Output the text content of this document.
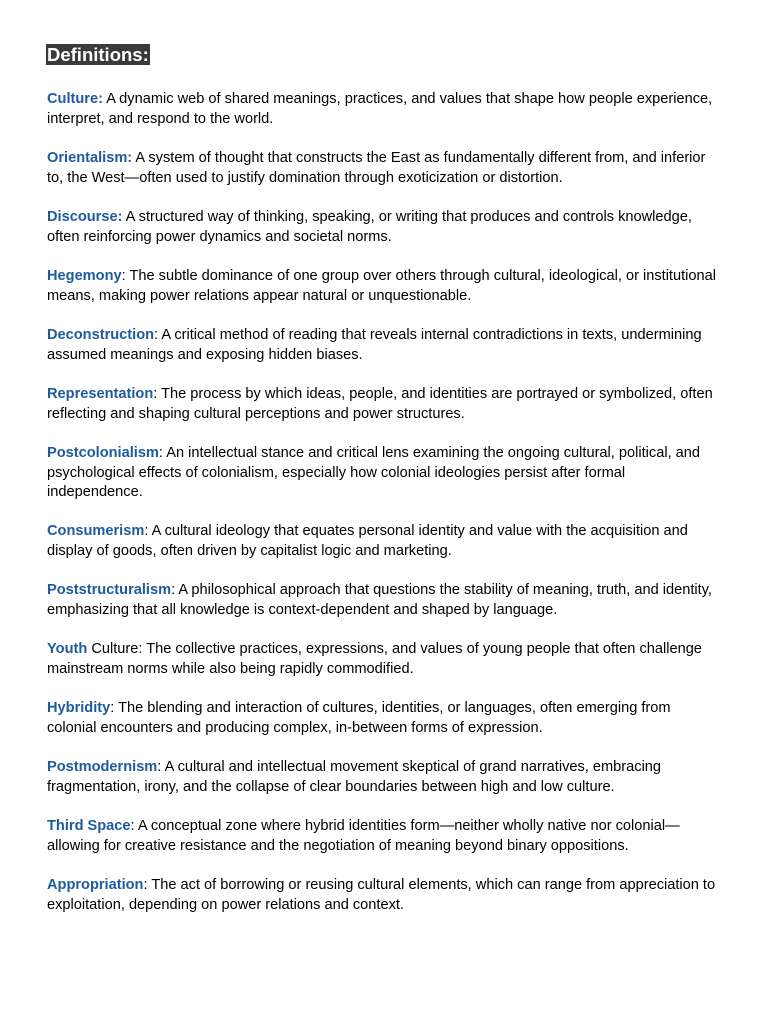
Definitions:

Culture: A dynamic web of shared meanings, practices, and values that shape how people experience, interpret, and respond to the world.

Orientalism: A system of thought that constructs the East as fundamentally different from, and inferior to, the West—often used to justify domination through exoticization or distortion.

Discourse: A structured way of thinking, speaking, or writing that produces and controls knowledge, often reinforcing power dynamics and societal norms.

Hegemony: The subtle dominance of one group over others through cultural, ideological, or institutional means, making power relations appear natural or unquestionable.

Deconstruction: A critical method of reading that reveals internal contradictions in texts, undermining assumed meanings and exposing hidden biases.

Representation: The process by which ideas, people, and identities are portrayed or symbolized, often reflecting and shaping cultural perceptions and power structures.

Postcolonialism: An intellectual stance and critical lens examining the ongoing cultural, political, and psychological effects of colonialism, especially how colonial ideologies persist after formal independence.

Consumerism: A cultural ideology that equates personal identity and value with the acquisition and display of goods, often driven by capitalist logic and marketing.

Poststructuralism: A philosophical approach that questions the stability of meaning, truth, and identity, emphasizing that all knowledge is context-dependent and shaped by language.

Youth Culture: The collective practices, expressions, and values of young people that often challenge mainstream norms while also being rapidly commodified.

Hybridity: The blending and interaction of cultures, identities, or languages, often emerging from colonial encounters and producing complex, in-between forms of expression.

Postmodernism: A cultural and intellectual movement skeptical of grand narratives, embracing fragmentation, irony, and the collapse of clear boundaries between high and low culture.

Third Space: A conceptual zone where hybrid identities form—neither wholly native nor colonial—allowing for creative resistance and the negotiation of meaning beyond binary oppositions.

Appropriation: The act of borrowing or reusing cultural elements, which can range from appreciation to exploitation, depending on power relations and context.
